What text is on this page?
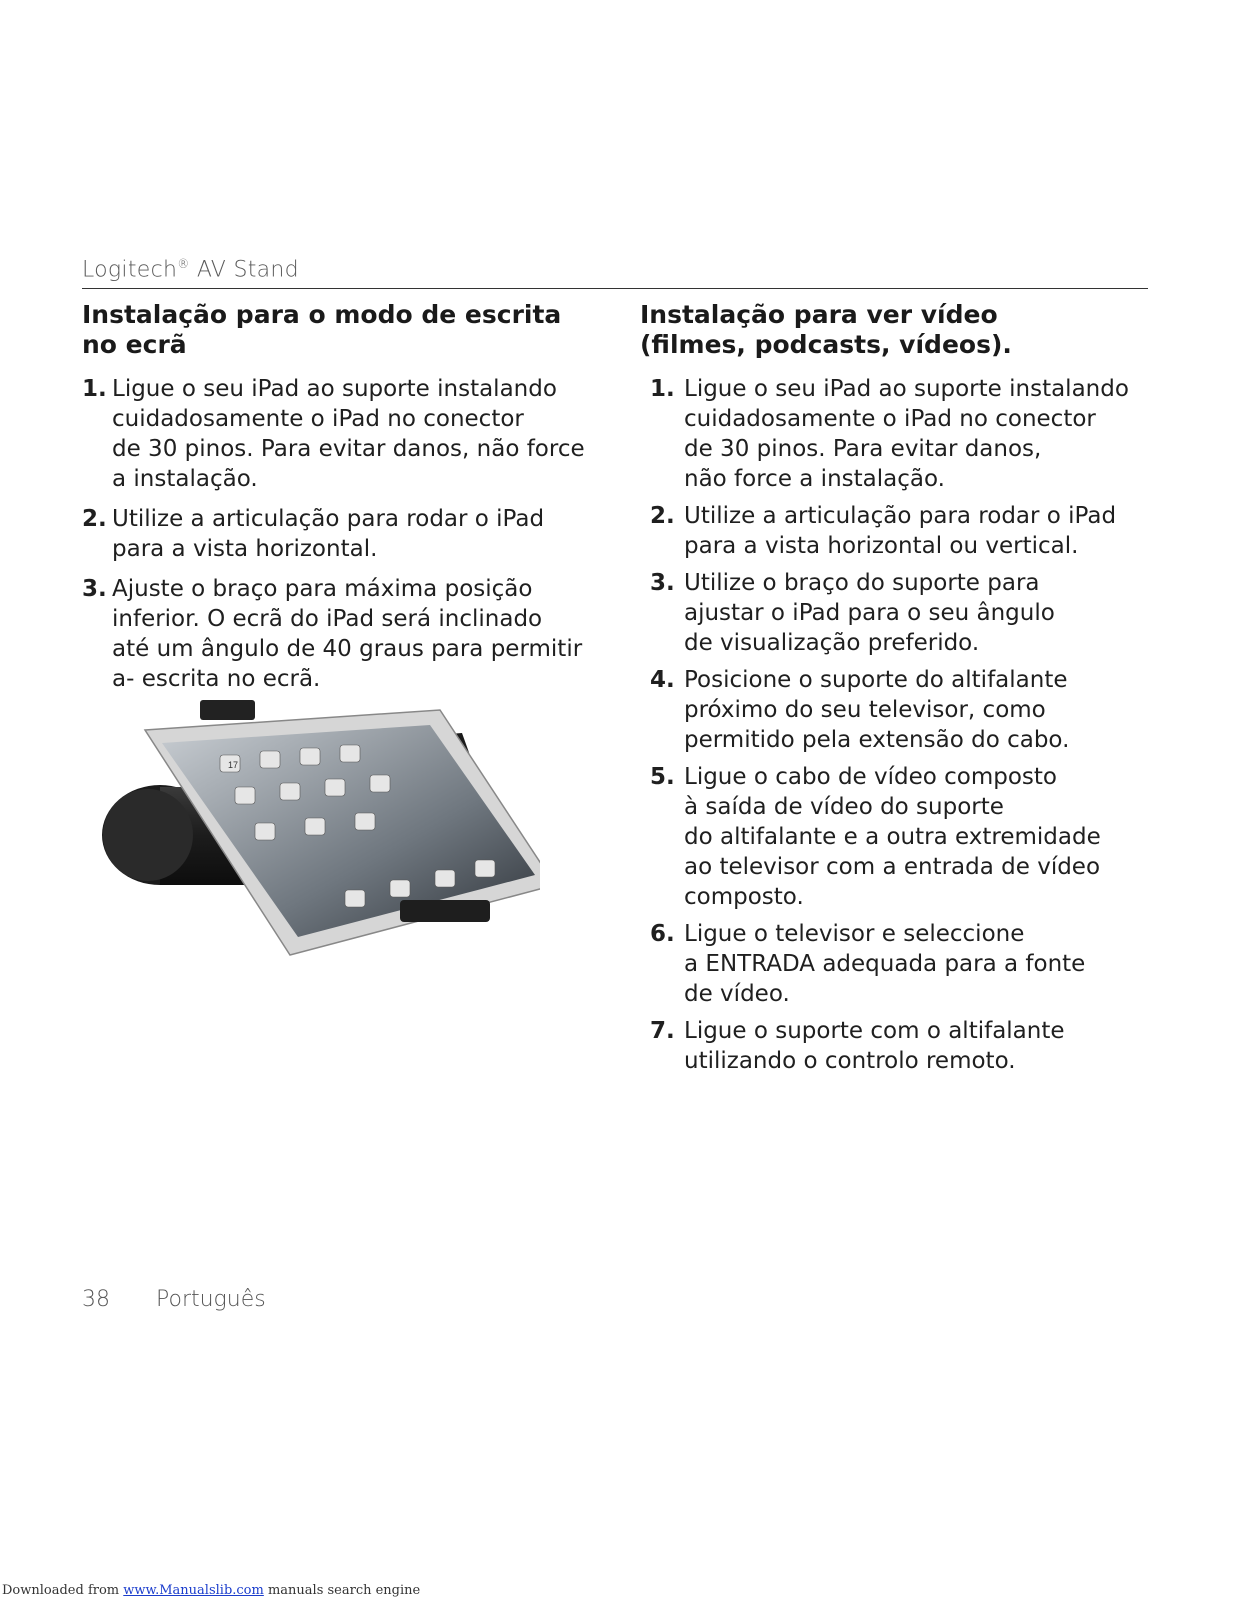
Logitech® AV Stand
Instalação para o modo de escrita
no ecrã
1. Ligue o seu iPad ao suporte instalando
cuidadosamente o iPad no conector
de 30 pinos. Para evitar danos, não force
a instalação.
2. Utilize a articulação para rodar o iPad
para a vista horizontal.
3. Ajuste o braço para máxima posição
inferior. O ecrã do iPad será inclinado
até um ângulo de 40 graus para permitir
a- escrita no ecrã.
Instalação para ver vídeo
(filmes, podcasts, vídeos).
1. Ligue o seu iPad ao suporte instalando
cuidadosamente o iPad no conector
de 30 pinos. Para evitar danos,
não force a instalação.
2. Utilize a articulação para rodar o iPad
para a vista horizontal ou vertical.
3. Utilize o braço do suporte para
ajustar o iPad para o seu ângulo
de visualização preferido.
4. Posicione o suporte do altifalante
próximo do seu televisor, como
permitido pela extensão do cabo.
5. Ligue o cabo de vídeo composto
à saída de vídeo do suporte
do altifalante e a outra extremidade
ao televisor com a entrada de vídeo
composto.
6. Ligue o televisor e seleccione
a ENTRADA adequada para a fonte
de vídeo.
7. Ligue o suporte com o altifalante
utilizando o controlo remoto.
17
38 Português
Downloaded from www.Manualslib.com manuals search engine
